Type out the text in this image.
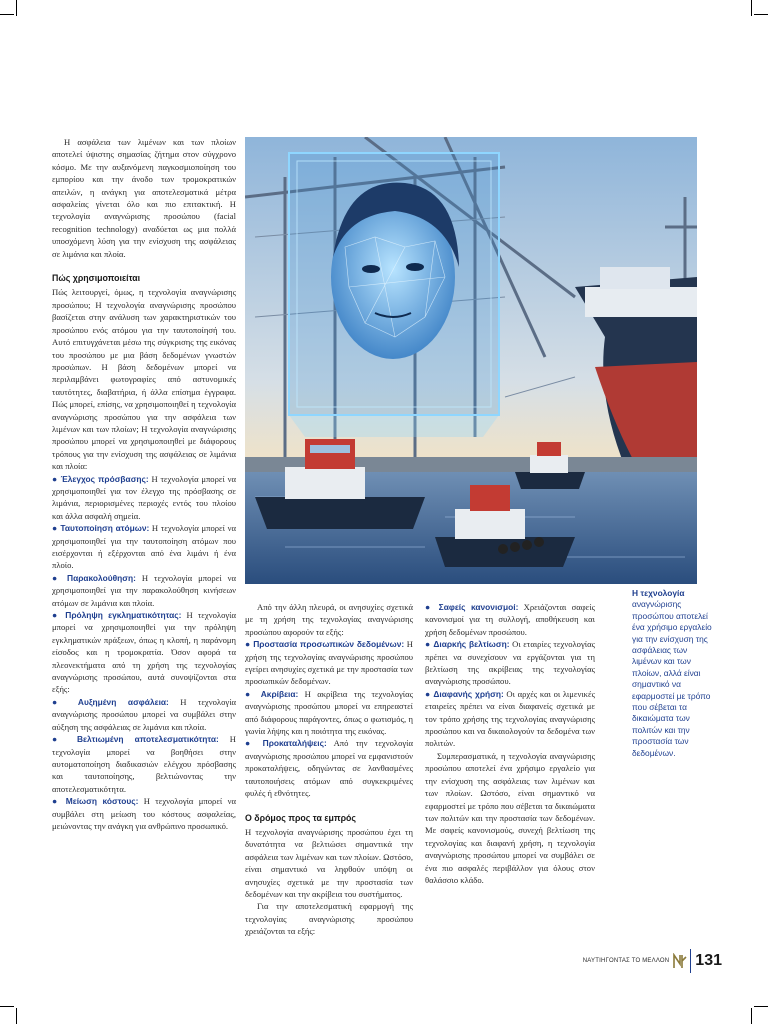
Η ασφάλεια των λιμένων και των πλοίων αποτελεί ύψιστης σημασίας ζήτημα στον σύγχρονο κόσμο. Με την αυξανόμενη παγκοσμιοποίηση του εμπορίου και την άνοδο των τρομοκρατικών απειλών, η ανάγκη για αποτελεσματικά μέτρα ασφαλείας γίνεται όλο και πιο επιτακτική. Η τεχνολογία αναγνώρισης προσώπου (facial recognition technology) αναδύεται ως μια πολλά υποσχόμενη λύση για την ενίσχυση της ασφάλειας σε λιμάνια και πλοία.

Πώς χρησιμοποιείται

Πώς λειτουργεί, όμως, η τεχνολογία αναγνώρισης προσώπου; Η τεχνολογία αναγνώρισης προσώπου βασίζεται στην ανάλυση των χαρακτηριστικών του προσώπου ενός ατόμου για την ταυτοποίησή του. Αυτό επιτυγχάνεται μέσω της σύγκρισης της εικόνας του προσώπου με μια βάση δεδομένων γνωστών προσώπων. Η βάση δεδομένων μπορεί να περιλαμβάνει φωτογραφίες από αστυνομικές ταυτότητες, διαβατήρια, ή άλλα επίσημα έγγραφα. Πώς μπορεί, επίσης, να χρησιμοποιηθεί η τεχνολογία αναγνώρισης προσώπου για την ασφάλεια των λιμένων και των πλοίων; Η τεχνολογία αναγνώρισης προσώπου μπορεί να χρησιμοποιηθεί με διάφορους τρόπους για την ενίσχυση της ασφάλειας σε λιμάνια και πλοία:

● Έλεγχος πρόσβασης: Η τεχνολογία μπορεί να χρησιμοποιηθεί για τον έλεγχο της πρόσβασης σε λιμάνια, περιορισμένες περιοχές εντός του πλοίου και άλλα ασφαλή σημεία.

● Ταυτοποίηση ατόμων: Η τεχνολογία μπορεί να χρησιμοποιηθεί για την ταυτοποίηση ατόμων που εισέρχονται ή εξέρχονται από ένα λιμάνι ή ένα πλοίο.

● Παρακολούθηση: Η τεχνολογία μπορεί να χρησιμοποιηθεί για την παρακολούθηση κινήσεων ατόμων σε λιμάνια και πλοία.

● Πρόληψη εγκληματικότητας: Η τεχνολογία μπορεί να χρησιμοποιηθεί για την πρόληψη εγκληματικών πράξεων, όπως η κλοπή, η παράνομη είσοδος και η τρομοκρατία. Όσον αφορά τα πλεονεκτήματα από τη χρήση της τεχνολογίας αναγνώρισης προσώπου, αυτά συνοψίζονται στα εξής:

● Αυξημένη ασφάλεια: Η τεχνολογία αναγνώρισης προσώπου μπορεί να συμβάλει στην αύξηση της ασφάλειας σε λιμάνια και πλοία.

● Βελτιωμένη αποτελεσματικότητα: Η τεχνολογία μπορεί να βοηθήσει στην αυτοματοποίηση διαδικασιών ελέγχου πρόσβασης και ταυτοποίησης, βελτιώνοντας την αποτελεσματικότητα.

● Μείωση κόστους: Η τεχνολογία μπορεί να συμβάλει στη μείωση του κόστους ασφαλείας, μειώνοντας την ανάγκη για ανθρώπινο προσωπικό.

Από την άλλη πλευρά, οι ανησυχίες σχετικά με τη χρήση της τεχνολογίας αναγνώρισης προσώπου αφορούν τα εξής:

● Προστασία προσωπικών δεδομένων: Η χρήση της τεχνολογίας αναγνώρισης προσώπου εγείρει ανησυχίες σχετικά με την προστασία των προσωπικών δεδομένων.

● Ακρίβεια: Η ακρίβεια της τεχνολογίας αναγνώρισης προσώπου μπορεί να επηρεαστεί από διάφορους παράγοντες, όπως ο φωτισμός, η γωνία λήψης και η ποιότητα της εικόνας.

● Προκαταλήψεις: Από την τεχνολογία αναγνώρισης προσώπου μπορεί να εμφανιστούν προκαταλήψεις, οδηγώντας σε λανθασμένες ταυτοποιήσεις ατόμων από συγκεκριμένες φυλές ή εθνότητες.

Ο δρόμος προς τα εμπρός

Η τεχνολογία αναγνώρισης προσώπου έχει τη δυνατότητα να βελτιώσει σημαντικά την ασφάλεια των λιμένων και των πλοίων. Ωστόσο, είναι σημαντικό να ληφθούν υπόψη οι ανησυχίες σχετικά με την προστασία των δεδομένων και την ακρίβεια του συστήματος.

Για την αποτελεσματική εφαρμογή της τεχνολογίας αναγνώρισης προσώπου χρειάζονται τα εξής:

● Σαφείς κανονισμοί: Χρειάζονται σαφείς κανονισμοί για τη συλλογή, αποθήκευση και χρήση δεδομένων προσώπου.

● Διαρκής βελτίωση: Οι εταιρίες τεχνολογίας πρέπει να συνεχίσουν να εργάζονται για τη βελτίωση της ακρίβειας της τεχνολογίας αναγνώρισης προσώπου.

● Διαφανής χρήση: Οι αρχές και οι λιμενικές εταιρείες πρέπει να είναι διαφανείς σχετικά με τον τρόπο χρήσης της τεχνολογίας αναγνώρισης προσώπου και να δικαιολογούν τα δεδομένα των πολιτών.

Συμπερασματικά, η τεχνολογία αναγνώρισης προσώπου αποτελεί ένα χρήσιμο εργαλείο για την ενίσχυση της ασφάλειας των λιμένων και των πλοίων. Ωστόσο, είναι σημαντικό να εφαρμοστεί με τρόπο που σέβεται τα δικαιώματα των πολιτών και την προστασία των δεδομένων. Με σαφείς κανονισμούς, συνεχή βελτίωση της τεχνολογίας και διαφανή χρήση, η τεχνολογία αναγνώρισης προσώπου μπορεί να συμβάλει σε ένα πιο ασφαλές περιβάλλον για όλους στον θαλάσσιο κλάδο.

Η τεχνολογία αναγνώρισης προσώπου αποτελεί ένα χρήσιμο εργαλείο για την ενίσχυση της ασφάλειας των λιμένων και των πλοίων, αλλά είναι σημαντικό να εφαρμοστεί με τρόπο που σέβεται τα δικαιώματα των πολιτών και την προστασία των δεδομένων.
ΝΑΥΤΙΗΓΟΝΤΑΣ ΤΟ ΜΕΛΛΟΝ 131
